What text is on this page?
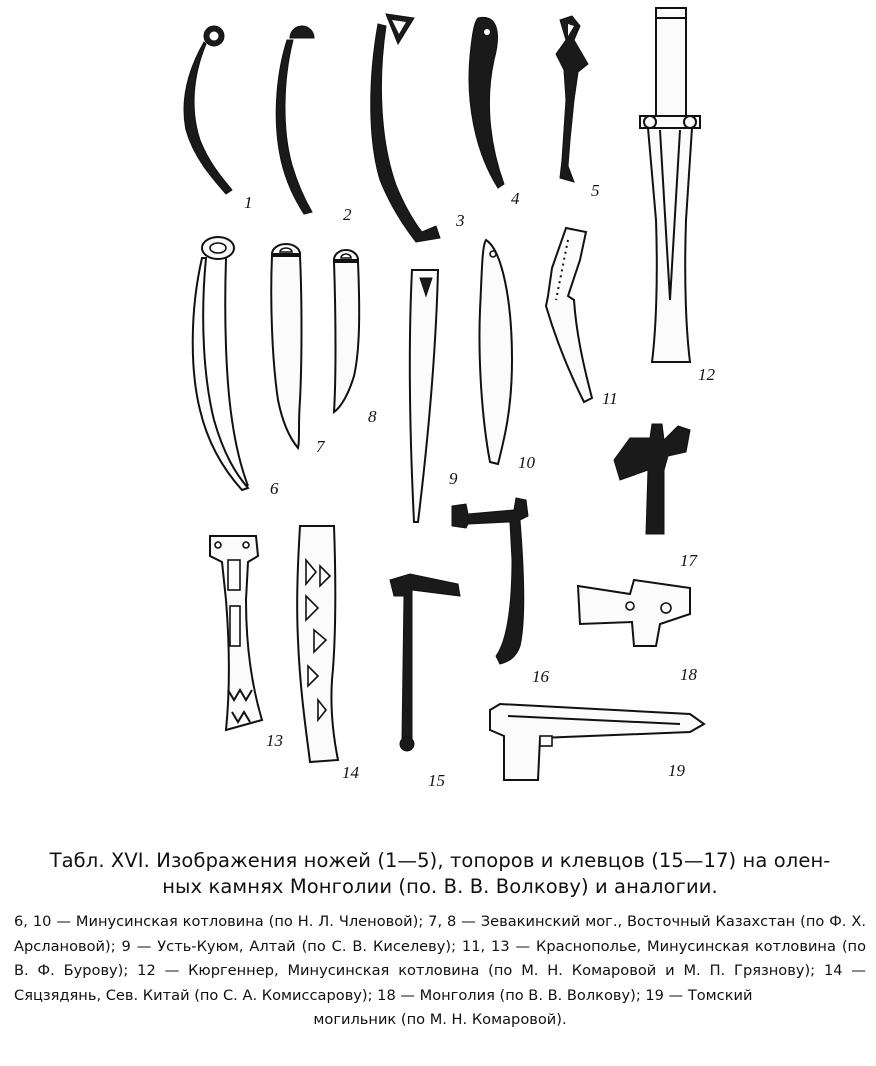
1
2	3
4	5
6
7
8
9
10
11
12
13
14	15
16
17
18
19

Табл. XVI. Изображения ножей (1—5), топоров и клевцов (15—17) на олен-

ных камнях Монголии (по. В. В. Волкову) и аналогии.

6, 10 — Минусинская котловина (по Н. Л. Членовой); 7, 8 — Зевакинский мог., Восточный Казахстан (по Ф. Х. Арслановой); 9 — Усть-Куюм, Алтай (по С. В. Киселеву); 11, 13 — Краснополье, Минусинская котловина (по В. Ф. Бурову); 12 — Кюргеннер, Минусинская котловина (по М. Н. Комаровой и М. П. Грязнову); 14 — Сяцзядянь, Сев. Китай (по С. А. Комиссарову); 18 — Монголия (по В. В. Волкову); 19 — Томский
могильник (по М. Н. Комаровой).
